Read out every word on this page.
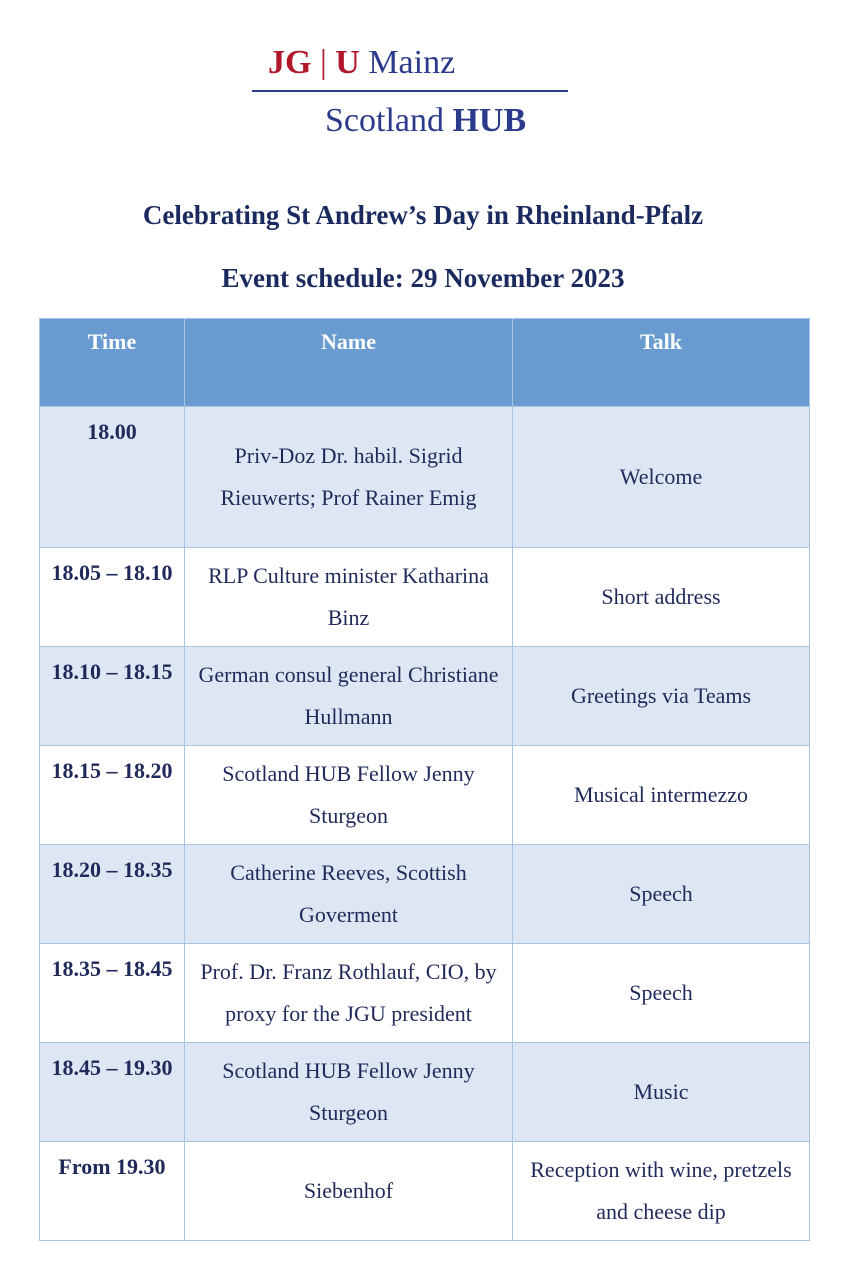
JG | U Mainz
Scotland HUB
Celebrating St Andrew’s Day in Rheinland-Pfalz
Event schedule: 29 November 2023
Time	Name	Talk
18.00	Priv-Doz Dr. habil. Sigrid Rieuwerts; Prof Rainer Emig	Welcome
18.05 – 18.10	RLP Culture minister Katharina Binz	Short address
18.10 – 18.15	German consul general Christiane Hullmann	Greetings via Teams
18.15 – 18.20	Scotland HUB Fellow Jenny Sturgeon	Musical intermezzo
18.20 – 18.35	Catherine Reeves, Scottish Goverment	Speech
18.35 – 18.45	Prof. Dr. Franz Rothlauf, CIO, by proxy for the JGU president	Speech
18.45 – 19.30	Scotland HUB Fellow Jenny Sturgeon	Music
From 19.30	Siebenhof	Reception with wine, pretzels and cheese dip
